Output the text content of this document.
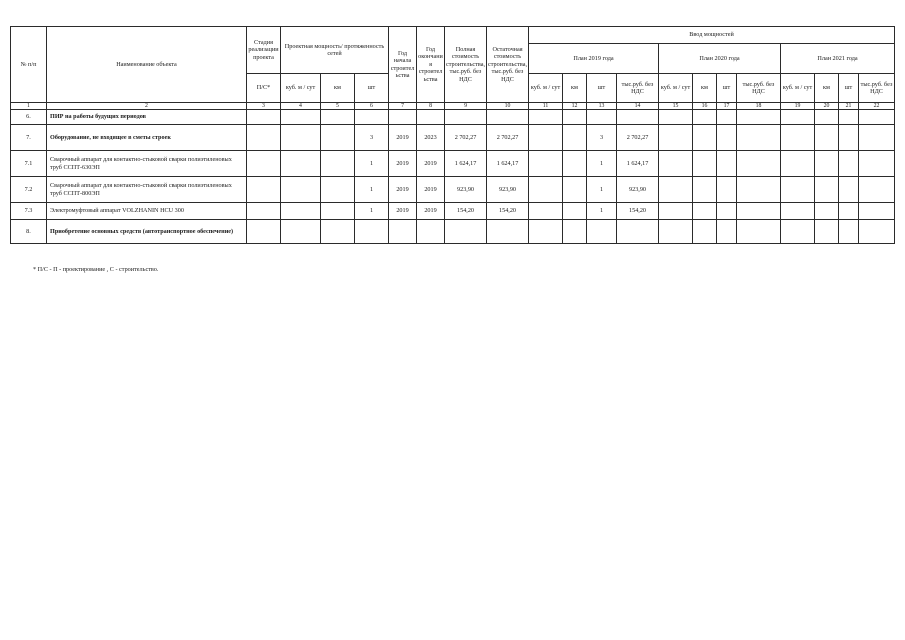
№ п/п	Наименование объекта	Стадия реализации проекта	Проектная мощность/ протяженность сетей			Год начала строительства	Год окончания строительства	Полная стоимость строительства, тыс.руб. без НДС	Остаточная стоимость строительства, тыс.руб. без НДС	Ввод мощностей											
										План 2019 года				План 2020 года				План 2021 года			
		П/С*	куб. м / сут	км	шт					куб. м / сут	км	шт	тыс.руб. без НДС	куб. м / сут	км	шт	тыс.руб. без НДС	куб. м / сут	км	шт	тыс.руб. без НДС
1	2	3	4	5	6	7	8	9	10	11	12	13	14	15	16	17	18	19	20	21	22
6.	ПИР на работы будущих периодов																				
7.	Оборудование, не входящее в сметы строек				3	2019	2023	2 702,27	2 702,27			3	2 702,27								
7.1	Сварочный аппарат для контактно-стыковой сварки полиэтиленовых труб ССПТ-630ЭП				1	2019	2019	1 624,17	1 624,17			1	1 624,17								
7.2	Сварочный аппарат для контактно-стыковой сварки полиэтиленовых труб ССПТ-800ЭП				1	2019	2019	923,90	923,90			1	923,90								
7.3	Электромуфтовый аппарат VOLZHANIN HCU 300				1	2019	2019	154,20	154,20			1	154,20								
8.	Приобретение основных средств (автотранспортное обеспечение)																				
* П/С - П - проектирование , С - строительство.
